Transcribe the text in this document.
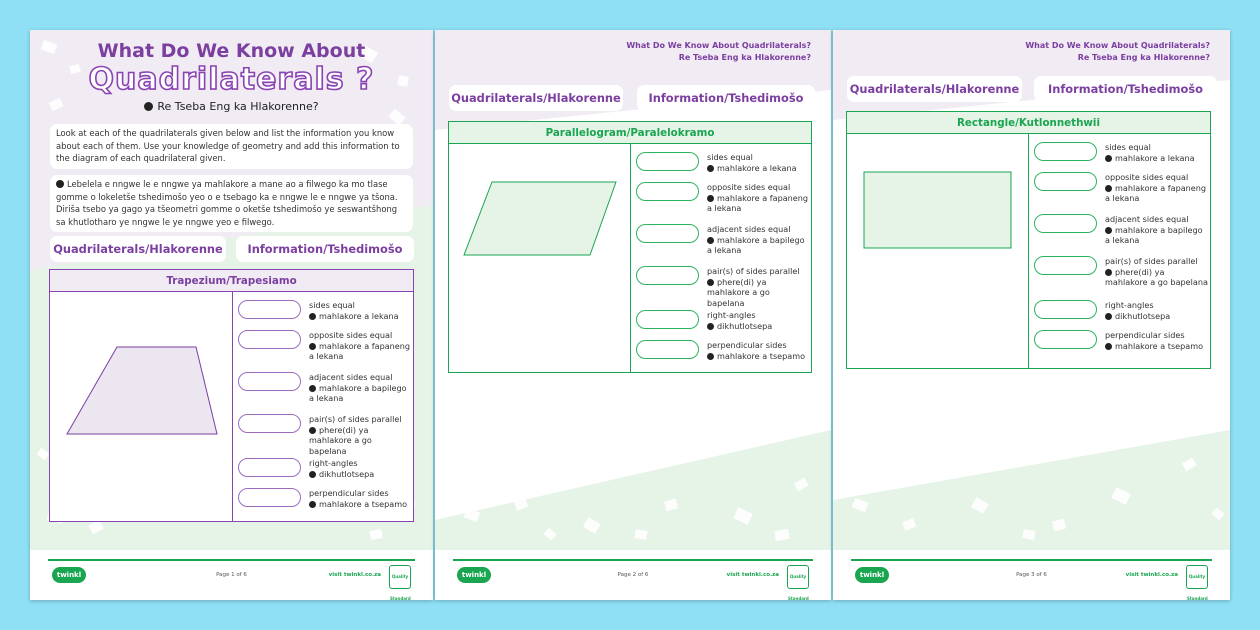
What Do We Know About
Quadrilaterals ?
Re Tseba Eng ka Hlakorenne?
Look at each of the quadrilaterals given below and list the information you know about each of them. Use your knowledge of geometry and add this information to the diagram of each quadrilateral given.
Lebelela e nngwe le e nngwe ya mahlakore a mane ao a filwego ka mo tlase gomme o lokeletše tshedimošo yeo o e tsebago ka e nngwe le e nngwe ya tšona. Diriša tsebo ya gago ya tšeometri gomme o oketše tshedimošo ye seswantšhong sa khutlotharo ye nngwe le ye nngwe yeo e filwego.
Quadrilaterals/Hlakorenne	Information/Tshedimošo
Trapezium/Trapesiamo
sides equal
mahlakore a lekana
opposite sides equal
mahlakore a fapaneng a lekana
adjacent sides equal
mahlakore a bapilego a lekana
pair(s) of sides parallel
phere(di) ya mahlakore a go bapelana
right-angles
dikhutlotsepa
perpendicular sides
mahlakore a tsepamo
twinkl	Page 1 of 6	visit twinkl.co.za	Quality Standard
What Do We Know About Quadrilaterals?
Re Tseba Eng ka Hlakorenne?
Quadrilaterals/Hlakorenne	Information/Tshedimošo
Parallelogram/Paralelokramo
sides equal
mahlakore a lekana
opposite sides equal
mahlakore a fapaneng a lekana
adjacent sides equal
mahlakore a bapilego a lekana
pair(s) of sides parallel
phere(di) ya mahlakore a go bapelana
right-angles
dikhutlotsepa
perpendicular sides
mahlakore a tsepamo
twinkl	Page 2 of 6	visit twinkl.co.za	Quality Standard
What Do We Know About Quadrilaterals?
Re Tseba Eng ka Hlakorenne?
Quadrilaterals/Hlakorenne	Information/Tshedimošo
Rectangle/Kutlonnethwii
sides equal
mahlakore a lekana
opposite sides equal
mahlakore a fapaneng a lekana
adjacent sides equal
mahlakore a bapilego a lekana
pair(s) of sides parallel
phere(di) ya mahlakore a go bapelana
right-angles
dikhutlotsepa
perpendicular sides
mahlakore a tsepamo
twinkl	Page 3 of 6	visit twinkl.co.za	Quality Standard
